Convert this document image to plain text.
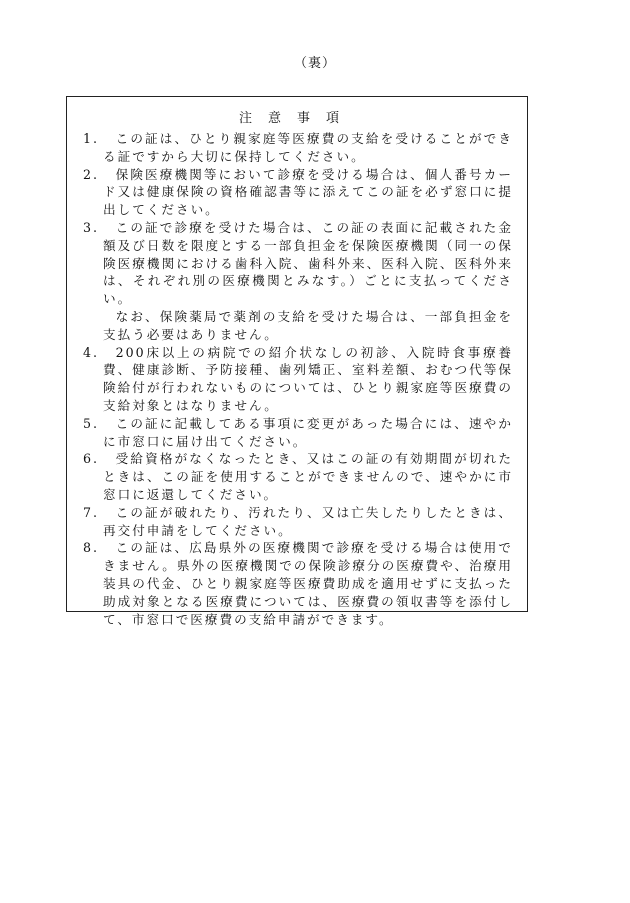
（裏）
注意事項
1.	この証は、ひとり親家庭等医療費の支給を受けることができる証ですから大切に保持してください。
2.	保険医療機関等において診療を受ける場合は、個人番号カード又は健康保険の資格確認書等に添えてこの証を必ず窓口に提出してください。
3.	この証で診療を受けた場合は、この証の表面に記載された金額及び日数を限度とする一部負担金を保険医療機関（同一の保険医療機関における歯科入院、歯科外来、医科入院、医科外来は、それぞれ別の医療機関とみなす。）ごとに支払ってください。
なお、保険薬局で薬剤の支給を受けた場合は、一部負担金を支払う必要はありません。
4.	200床以上の病院での紹介状なしの初診、入院時食事療養費、健康診断、予防接種、歯列矯正、室料差額、おむつ代等保険給付が行われないものについては、ひとり親家庭等医療費の支給対象とはなりません。
5.	この証に記載してある事項に変更があった場合には、速やかに市窓口に届け出てください。
6.	受給資格がなくなったとき、又はこの証の有効期間が切れたときは、この証を使用することができませんので、速やかに市窓口に返還してください。
7.	この証が破れたり、汚れたり、又は亡失したりしたときは、再交付申請をしてください。
8.	この証は、広島県外の医療機関で診療を受ける場合は使用できません。県外の医療機関での保険診療分の医療費や、治療用装具の代金、ひとり親家庭等医療費助成を適用せずに支払った助成対象となる医療費については、医療費の領収書等を添付して、市窓口で医療費の支給申請ができます。
